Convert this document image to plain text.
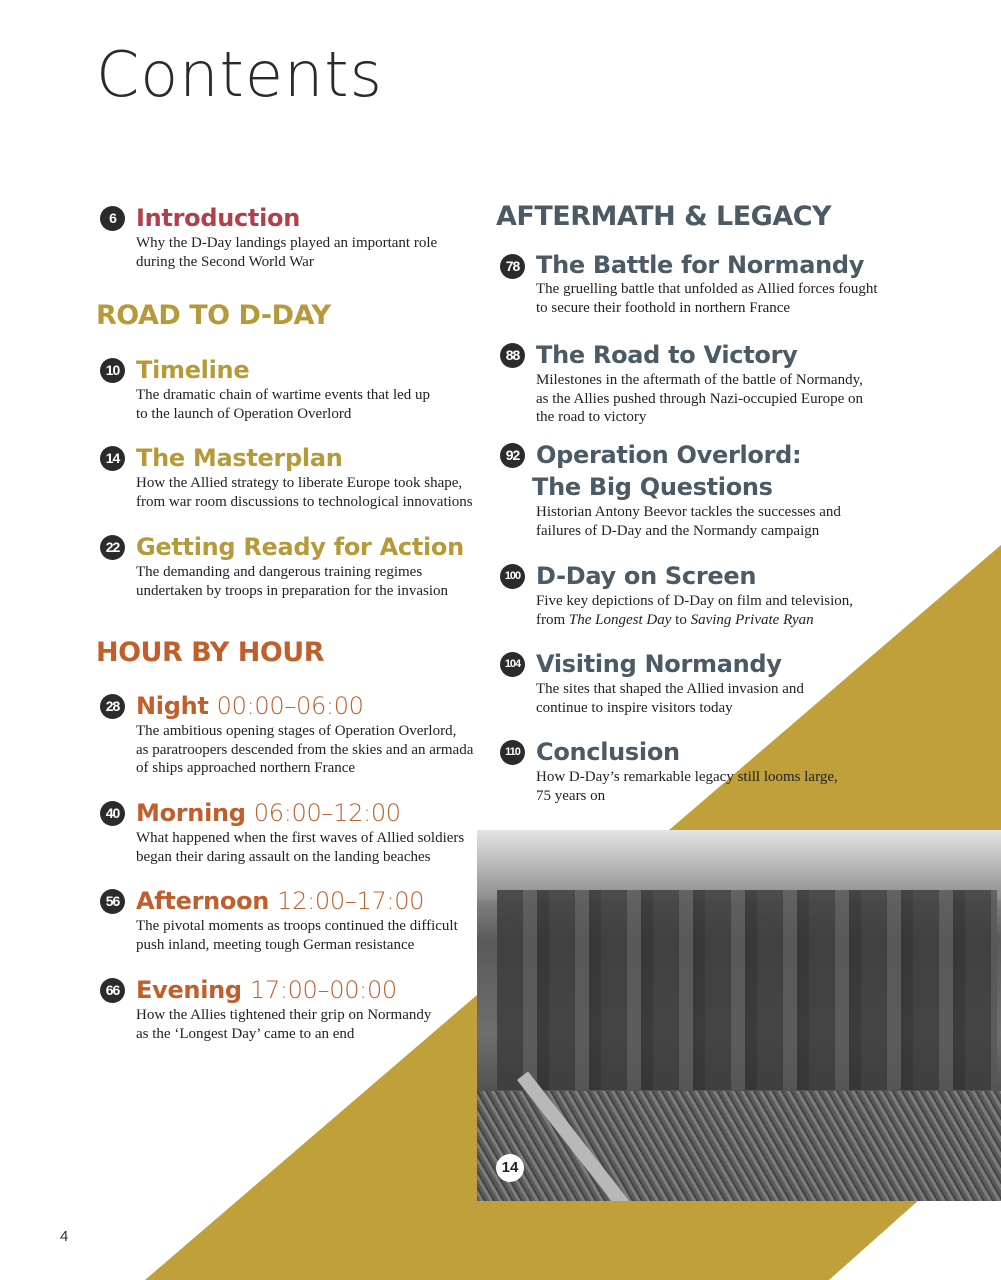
Contents
6 Introduction
Why the D-Day landings played an important role
during the Second World War
ROAD TO D-DAY
10 Timeline
The dramatic chain of wartime events that led up
to the launch of Operation Overlord
14 The Masterplan
How the Allied strategy to liberate Europe took shape,
from war room discussions to technological innovations
22 Getting Ready for Action
The demanding and dangerous training regimes
undertaken by troops in preparation for the invasion
HOUR BY HOUR
28 Night 00:00–06:00
The ambitious opening stages of Operation Overlord,
as paratroopers descended from the skies and an armada
of ships approached northern France
40 Morning 06:00–12:00
What happened when the first waves of Allied soldiers
began their daring assault on the landing beaches
56 Afternoon 12:00–17:00
The pivotal moments as troops continued the difficult
push inland, meeting tough German resistance
66 Evening 17:00–00:00
How the Allies tightened their grip on Normandy
as the ‘Longest Day’ came to an end
AFTERMATH & LEGACY
78 The Battle for Normandy
The gruelling battle that unfolded as Allied forces fought
to secure their foothold in northern France
88 The Road to Victory
Milestones in the aftermath of the battle of Normandy,
as the Allies pushed through Nazi-occupied Europe on
the road to victory
92 Operation Overlord:
The Big Questions
Historian Antony Beevor tackles the successes and
failures of D-Day and the Normandy campaign
100 D-Day on Screen
Five key depictions of D-Day on film and television,
from The Longest Day to Saving Private Ryan
104 Visiting Normandy
The sites that shaped the Allied invasion and
continue to inspire visitors today
110 Conclusion
How D-Day’s remarkable legacy still looms large,
75 years on
14
4
